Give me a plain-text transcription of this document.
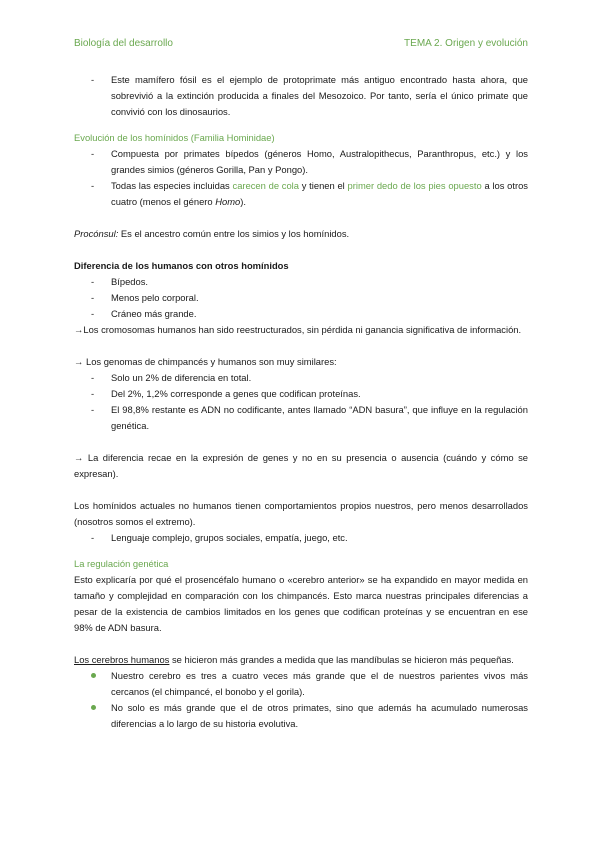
Biología del desarrollo	TEMA 2. Origen y evolución
- Este mamífero fósil es el ejemplo de protoprimate más antiguo encontrado hasta ahora, que sobrevivió a la extinción producida a finales del Mesozoico. Por tanto, sería el único primate que convivió con los dinosaurios.
Evolución de los homínidos (Familia Hominidae)
- Compuesta por primates bípedos (géneros Homo, Australopithecus, Paranthropus, etc.) y los grandes simios (géneros Gorilla, Pan y Pongo).
- Todas las especies incluidas carecen de cola y tienen el primer dedo de los pies opuesto a los otros cuatro (menos el género Homo).

Procónsul: Es el ancestro común entre los simios y los homínidos.

Diferencia de los humanos con otros homínidos
- Bípedos.
- Menos pelo corporal.
- Cráneo más grande.

→Los cromosomas humanos han sido reestructurados, sin pérdida ni ganancia significativa de información.

→ Los genomas de chimpancés y humanos son muy similares:

- Solo un 2% de diferencia en total.
- Del 2%, 1,2% corresponde a genes que codifican proteínas.
- El 98,8% restante es ADN no codificante, antes llamado “ADN basura”, que influye en la regulación genética.

→ La diferencia recae en la expresión de genes y no en su presencia o ausencia (cuándo y cómo se expresan).

Los homínidos actuales no humanos tienen comportamientos propios nuestros, pero menos desarrollados (nosotros somos el extremo).

- Lenguaje complejo, grupos sociales, empatía, juego, etc.
La regulación genética

Esto explicaría por qué el prosencéfalo humano o «cerebro anterior» se ha expandido en mayor medida en tamaño y complejidad en comparación con los chimpancés. Esto marca nuestras principales diferencias a pesar de la existencia de cambios limitados en los genes que codifican proteínas y se encuentran en ese 98% de ADN basura.

Los cerebros humanos se hicieron más grandes a medida que las mandíbulas se hicieron más pequeñas.

Nuestro cerebro es tres a cuatro veces más grande que el de nuestros parientes vivos más cercanos (el chimpancé, el bonobo y el gorila).
No solo es más grande que el de otros primates, sino que además ha acumulado numerosas diferencias a lo largo de su historia evolutiva.
